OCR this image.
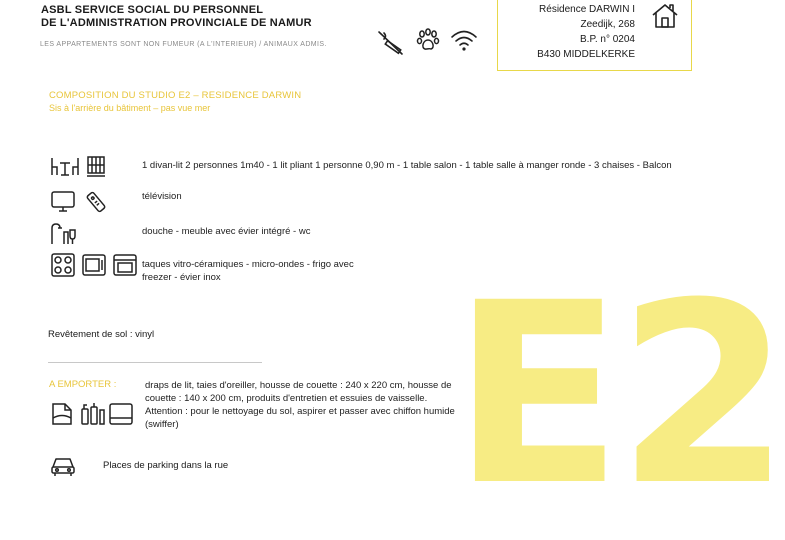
E2
ASBL SERVICE SOCIAL DU PERSONNEL
DE L'ADMINISTRATION PROVINCIALE DE NAMUR
LES APPARTEMENTS SONT NON FUMEUR (A L'INTERIEUR) / ANIMAUX ADMIS.
Résidence DARWIN I
Zeedijk, 268
B.P. n° 0204
B430 MIDDELKERKE
COMPOSITION DU STUDIO E2 – RESIDENCE DARWIN
Sis à l'arrière du bâtiment – pas vue mer
1 divan-lit 2 personnes 1m40 - 1 lit pliant 1 personne 0,90 m - 1 table salon - 1 table salle à manger ronde - 3 chaises - Balcon
télévision
douche - meuble avec évier intégré - wc
taques vitro-céramiques - micro-ondes - frigo avec freezer - évier inox
Revêtement de sol : vinyl
A EMPORTER :	draps de lit, taies d'oreiller, housse de couette : 240 x 220 cm, housse de couette : 140 x 200 cm, produits d'entretien et essuies de vaisselle.
Attention : pour le nettoyage du sol, aspirer et passer avec chiffon humide (swiffer)
Places de parking dans la rue
